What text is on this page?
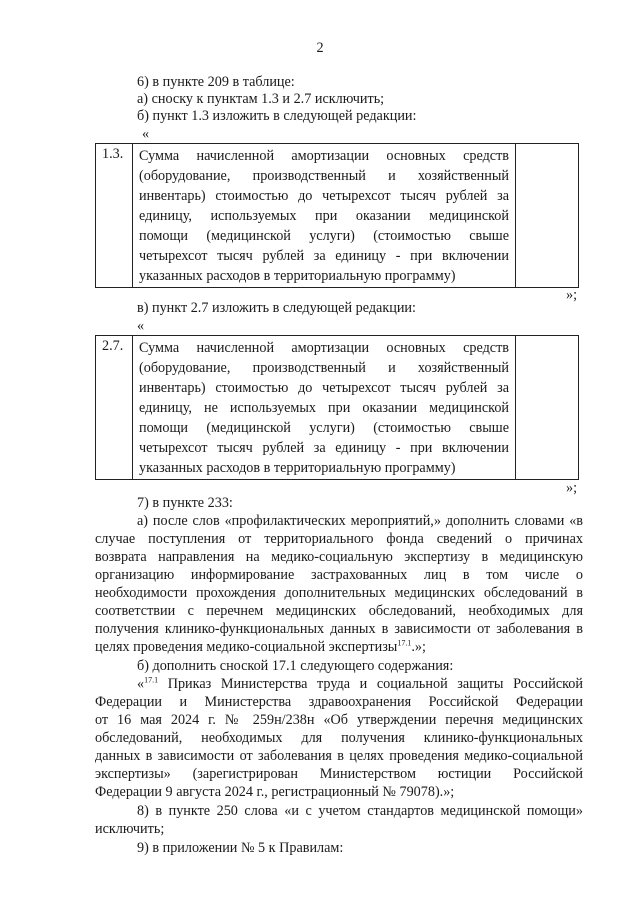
2
6) в пункте 209 в таблице:
а) сноску к пунктам 1.3 и 2.7 исключить;
б) пункт 1.3 изложить в следующей редакции:
«
1.3.	Сумма начисленной амортизации основных средств
(оборудование, производственный и хозяйственный
инвентарь) стоимостью до четырехсот тысяч рублей за
единицу, используемых при оказании медицинской
помощи (медицинской услуги) (стоимостью свыше
четырехсот тысяч рублей за единицу - при включении
указанных расходов в территориальную программу)
»;
в) пункт 2.7 изложить в следующей редакции:
«
2.7.	Сумма начисленной амортизации основных средств
(оборудование, производственный и хозяйственный
инвентарь) стоимостью до четырехсот тысяч рублей за
единицу, не используемых при оказании медицинской
помощи (медицинской услуги) (стоимостью свыше
четырехсот тысяч рублей за единицу - при включении
указанных расходов в территориальную программу)
»;
7) в пункте 233:
а) после слов «профилактических мероприятий,» дополнить словами «в
случае поступления от территориального фонда сведений о причинах
возврата направления на медико-социальную экспертизу в медицинскую
организацию информирование застрахованных лиц в том числе о
необходимости прохождения дополнительных медицинских обследований в
соответствии с перечнем медицинских обследований, необходимых для
получения клинико-функциональных данных в зависимости от заболевания в
целях проведения медико-социальной экспертизы$^{17.1}$.»;
б) дополнить сноской 17.1 следующего содержания:
«$^{17.1}$ Приказ Министерства труда и социальной защиты Российской
Федерации и Министерства здравоохранения Российской Федерации
от 16 мая 2024 г. № 259н/238н «Об утверждении перечня медицинских
обследований, необходимых для получения клинико-функциональных
данных в зависимости от заболевания в целях проведения медико-социальной
экспертизы» (зарегистрирован Министерством юстиции Российской
Федерации 9 августа 2024 г., регистрационный № 79078).»;
8) в пункте 250 слова «и с учетом стандартов медицинской помощи»
исключить;
9) в приложении № 5 к Правилам:
